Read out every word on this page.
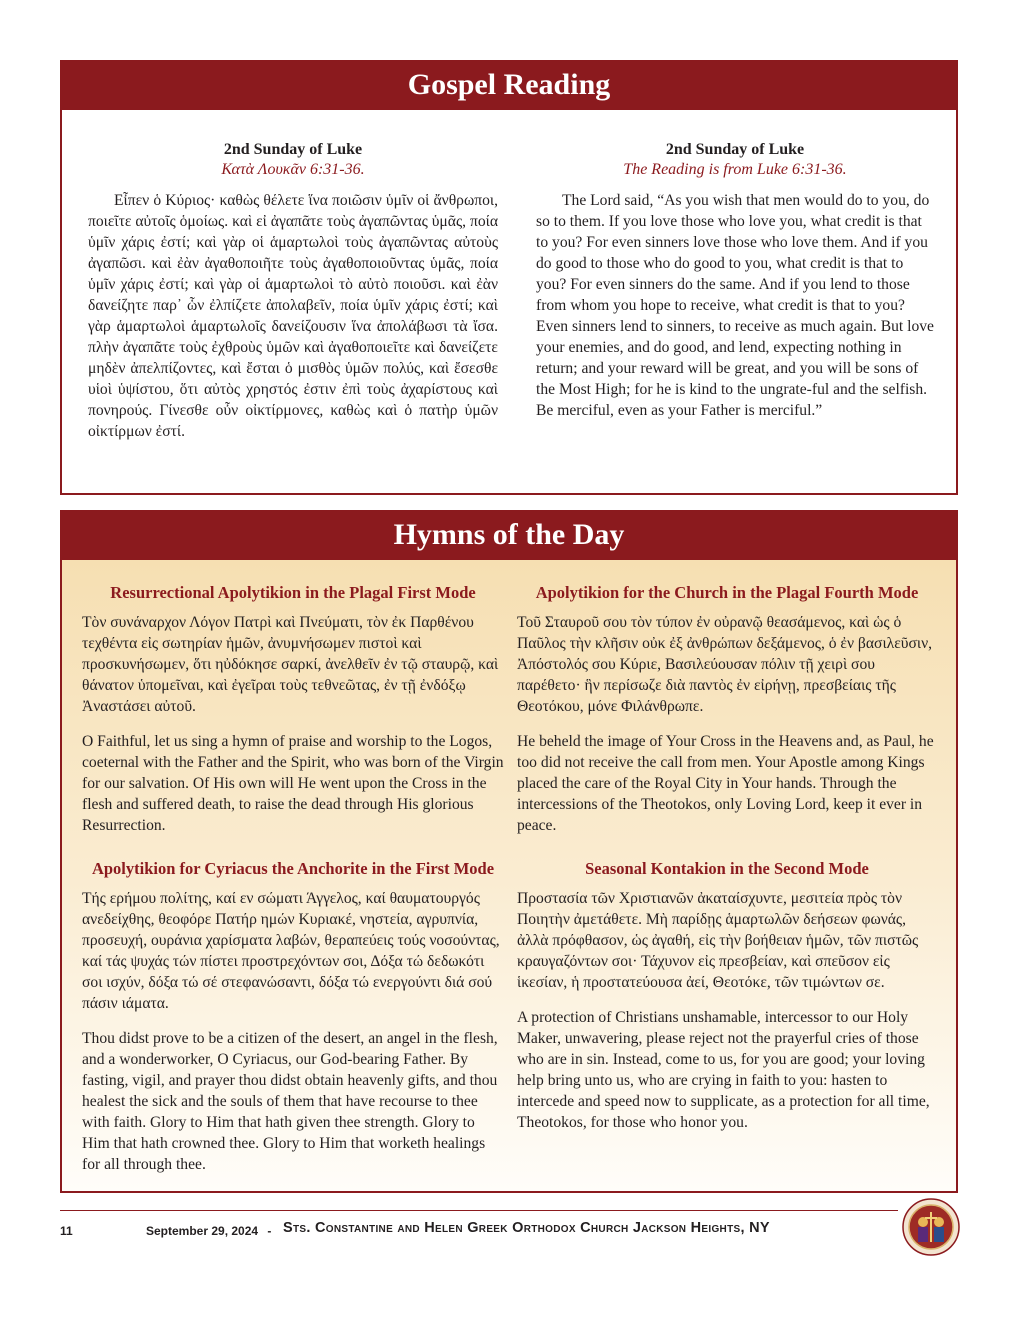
Gospel Reading
2nd Sunday of Luke
Κατὰ Λουκᾶν 6:31-36.

Εἶπεν ὁ Κύριος· καθὼς θέλετε ἵνα ποιῶσιν ὑμῖν οἱ ἄνθρωποι, ποιεῖτε αὐτοῖς ὁμοίως. καὶ εἰ ἀγαπᾶτε τοὺς ἀγαπῶντας ὑμᾶς, ποία ὑμῖν χάρις ἐστί; καὶ γὰρ οἱ ἁμαρτωλοὶ τοὺς ἀγαπῶντας αὐτοὺς ἀγαπῶσι. καὶ ἐὰν ἀγαθοποιῆτε τοὺς ἀγαθοποιοῦντας ὑμᾶς, ποία ὑμῖν χάρις ἐστί; καὶ γὰρ οἱ ἁμαρτωλοὶ τὸ αὐτὸ ποιοῦσι. καὶ ἐὰν δανείζητε παρ᾽ ὧν ἐλπίζετε ἀπολαβεῖν, ποία ὑμῖν χάρις ἐστί; καὶ γὰρ ἁμαρτωλοὶ ἁμαρτωλοῖς δανείζουσιν ἵνα ἀπολάβωσι τὰ ἴσα. πλὴν ἀγαπᾶτε τοὺς ἐχθροὺς ὑμῶν καὶ ἀγαθοποιεῖτε καὶ δανείζετε μηδὲν ἀπελπίζοντες, καὶ ἔσται ὁ μισθὸς ὑμῶν πολύς, καὶ ἔσεσθε υἱοὶ ὑψίστου, ὅτι αὐτὸς χρηστός ἐστιν ἐπὶ τοὺς ἀχαρίστους καὶ πονηρούς. Γίνεσθε οὖν οἰκτίρμονες, καθὼς καὶ ὁ πατὴρ ὑμῶν οἰκτίρμων ἐστί.

2nd Sunday of Luke
The Reading is from Luke 6:31-36.

The Lord said, “As you wish that men would do to you, do so to them. If you love those who love you, what credit is that to you? For even sinners love those who love them. And if you do good to those who do good to you, what credit is that to you? For even sinners do the same. And if you lend to those from whom you hope to receive, what credit is that to you? Even sinners lend to sinners, to receive as much again. But love your enemies, and do good, and lend, expecting nothing in return; and your reward will be great, and you will be sons of the Most High; for he is kind to the ungrate-ful and the selfish. Be merciful, even as your Father is merciful.”

Hymns of the Day
Resurrectional Apolytikion in the Plagal First Mode

Τὸν συνάναρχον Λόγον Πατρὶ καὶ Πνεύματι, τὸν ἐκ Παρθένου τεχθέντα εἰς σωτηρίαν ἡμῶν, ἀνυμνήσωμεν πιστοὶ καὶ προσκυνήσωμεν, ὅτι ηὐδόκησε σαρκί, ἀνελθεῖν ἐν τῷ σταυρῷ, καὶ θάνατον ὑπομεῖναι, καὶ ἐγεῖραι τοὺς τεθνεῶτας, ἐν τῇ ἐνδόξῳ Ἀναστάσει αὐτοῦ.

O Faithful, let us sing a hymn of praise and worship to the Logos, coeternal with the Father and the Spirit, who was born of the Virgin for our salvation. Of His own will He went upon the Cross in the flesh and suffered death, to raise the dead through His glorious Resurrection.

Apolytikion for the Church in the Plagal Fourth Mode

Τοῦ Σταυροῦ σου τὸν τύπον ἐν οὐρανῷ θεασάμενος, καὶ ὡς ὁ Παῦλος τὴν κλῆσιν οὐκ ἐξ ἀνθρώπων δεξάμενος, ὁ ἐν βασιλεῦσιν, Ἀπόστολός σου Κύριε, Βασιλεύουσαν πόλιν τῇ χειρὶ σου παρέθετο· ἣν περίσωζε διὰ παντὸς ἐν εἰρήνῃ, πρεσβείαις τῆς Θεοτόκου, μόνε Φιλάνθρωπε.

He beheld the image of Your Cross in the Heavens and, as Paul, he too did not receive the call from men. Your Apostle among Kings placed the care of the Royal City in Your hands. Through the intercessions of the Theotokos, only Loving Lord, keep it ever in peace.

Apolytikion for Cyriacus the Anchorite in the First Mode

Τής ερήμου πολίτης, καί εν σώματι Άγγελος, καί θαυματουργός ανεδείχθης, θεοφόρε Πατήρ ημών Κυριακέ, νηστεία, αγρυπνία, προσευχή, ουράνια χαρίσματα λαβών, θεραπεύεις τούς νοσούντας, καί τάς ψυχάς τών πίστει προστρεχόντων σοι, Δόξα τώ δεδωκότι σοι ισχύν, δόξα τώ σέ στεφανώσαντι, δόξα τώ ενεργούντι διά σού πάσιν ιάματα.

Thou didst prove to be a citizen of the desert, an angel in the flesh, and a wonderworker, O Cyriacus, our God-bearing Father. By fasting, vigil, and prayer thou didst obtain heavenly gifts, and thou healest the sick and the souls of them that have recourse to thee with faith. Glory to Him that hath given thee strength. Glory to Him that hath crowned thee. Glory to Him that worketh healings for all through thee.

Seasonal Kontakion in the Second Mode

Προστασία τῶν Χριστιανῶν ἀκαταίσχυντε, μεσιτεία πρὸς τὸν Ποιητὴν ἀμετάθετε. Μὴ παρίδῃς ἁμαρτωλῶν δεήσεων φωνάς, ἀλλὰ πρόφθασον, ὡς ἀγαθή, εἰς τὴν βοήθειαν ἡμῶν, τῶν πιστῶς κραυγαζόντων σοι· Τάχυνον εἰς πρεσβείαν, καὶ σπεῦσον εἰς ἱκεσίαν, ἡ προστατεύουσα ἀεί, Θεοτόκε, τῶν τιμώντων σε.

A protection of Christians unshamable, intercessor to our Holy Maker, unwavering, please reject not the prayerful cries of those who are in sin. Instead, come to us, for you are good; your loving help bring unto us, who are crying in faith to you: hasten to intercede and speed now to supplicate, as a protection for all time, Theotokos, for those who honor you.

11	September 29, 2024 - Sts. Constantine and Helen Greek Orthodox Church Jackson Heights, NY
